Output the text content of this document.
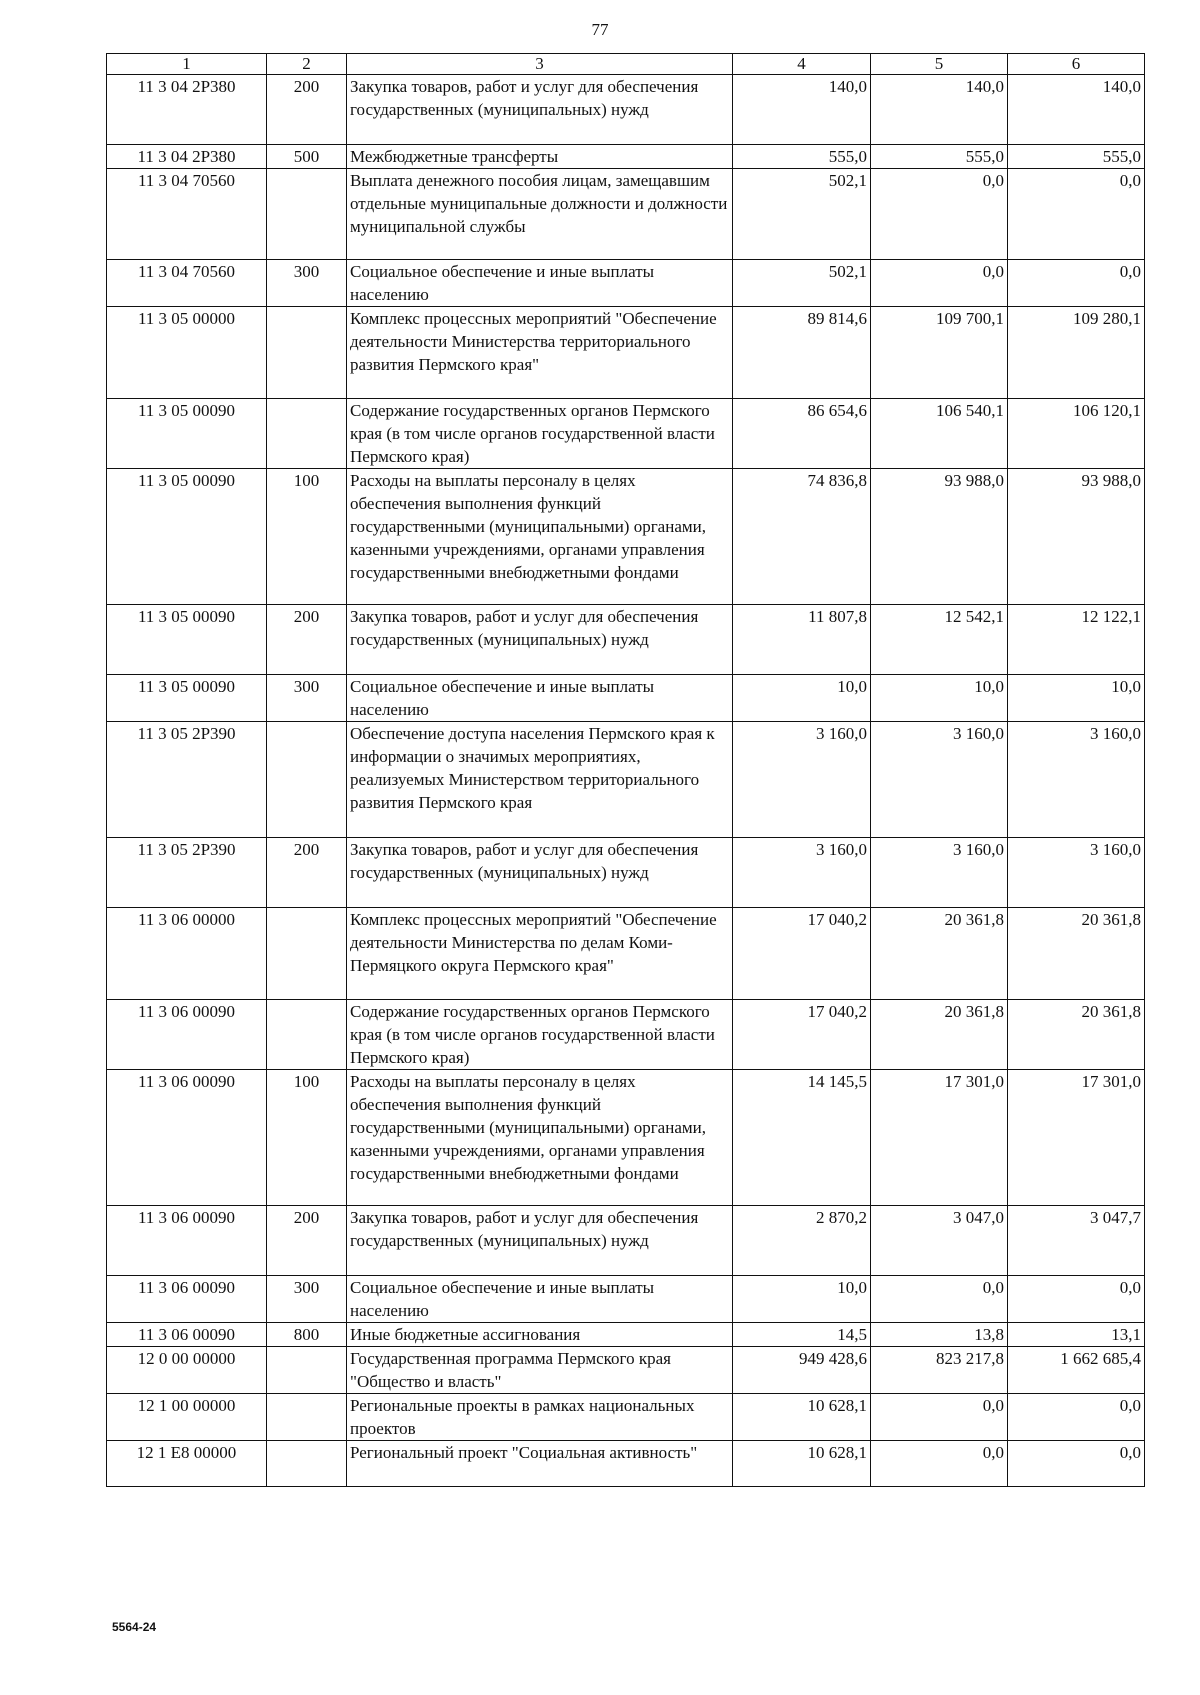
77
1	2	3	4	5	6
11 3 04 2P380	200	Закупка товаров, работ и услуг для обеспечения государственных (муниципальных) нужд	140,0	140,0	140,0
11 3 04 2P380	500	Межбюджетные трансферты	555,0	555,0	555,0
11 3 04 70560		Выплата денежного пособия лицам, замещавшим отдельные муниципальные должности и должности муниципальной службы	502,1	0,0	0,0
11 3 04 70560	300	Социальное обеспечение и иные выплаты населению	502,1	0,0	0,0
11 3 05 00000		Комплекс процессных мероприятий "Обеспечение деятельности Министерства территориального развития Пермского края"	89 814,6	109 700,1	109 280,1
11 3 05 00090		Содержание государственных органов Пермского края (в том числе органов государственной власти Пермского края)	86 654,6	106 540,1	106 120,1
11 3 05 00090	100	Расходы на выплаты персоналу в целях обеспечения выполнения функций государственными (муниципальными) органами, казенными учреждениями, органами управления государственными внебюджетными фондами	74 836,8	93 988,0	93 988,0
11 3 05 00090	200	Закупка товаров, работ и услуг для обеспечения государственных (муниципальных) нужд	11 807,8	12 542,1	12 122,1
11 3 05 00090	300	Социальное обеспечение и иные выплаты населению	10,0	10,0	10,0
11 3 05 2P390		Обеспечение доступа населения Пермского края к информации о значимых мероприятиях, реализуемых Министерством территориального развития Пермского края	3 160,0	3 160,0	3 160,0
11 3 05 2P390	200	Закупка товаров, работ и услуг для обеспечения государственных (муниципальных) нужд	3 160,0	3 160,0	3 160,0
11 3 06 00000		Комплекс процессных мероприятий "Обеспечение деятельности Министерства по делам Коми-Пермяцкого округа Пермского края"	17 040,2	20 361,8	20 361,8
11 3 06 00090		Содержание государственных органов Пермского края (в том числе органов государственной власти Пермского края)	17 040,2	20 361,8	20 361,8
11 3 06 00090	100	Расходы на выплаты персоналу в целях обеспечения выполнения функций государственными (муниципальными) органами, казенными учреждениями, органами управления государственными внебюджетными фондами	14 145,5	17 301,0	17 301,0
11 3 06 00090	200	Закупка товаров, работ и услуг для обеспечения государственных (муниципальных) нужд	2 870,2	3 047,0	3 047,7
11 3 06 00090	300	Социальное обеспечение и иные выплаты населению	10,0	0,0	0,0
11 3 06 00090	800	Иные бюджетные ассигнования	14,5	13,8	13,1
12 0 00 00000		Государственная программа Пермского края "Общество и власть"	949 428,6	823 217,8	1 662 685,4
12 1 00 00000		Региональные проекты в рамках национальных проектов	10 628,1	0,0	0,0
12 1 E8 00000		Региональный проект "Социальная активность"	10 628,1	0,0	0,0
5564-24
